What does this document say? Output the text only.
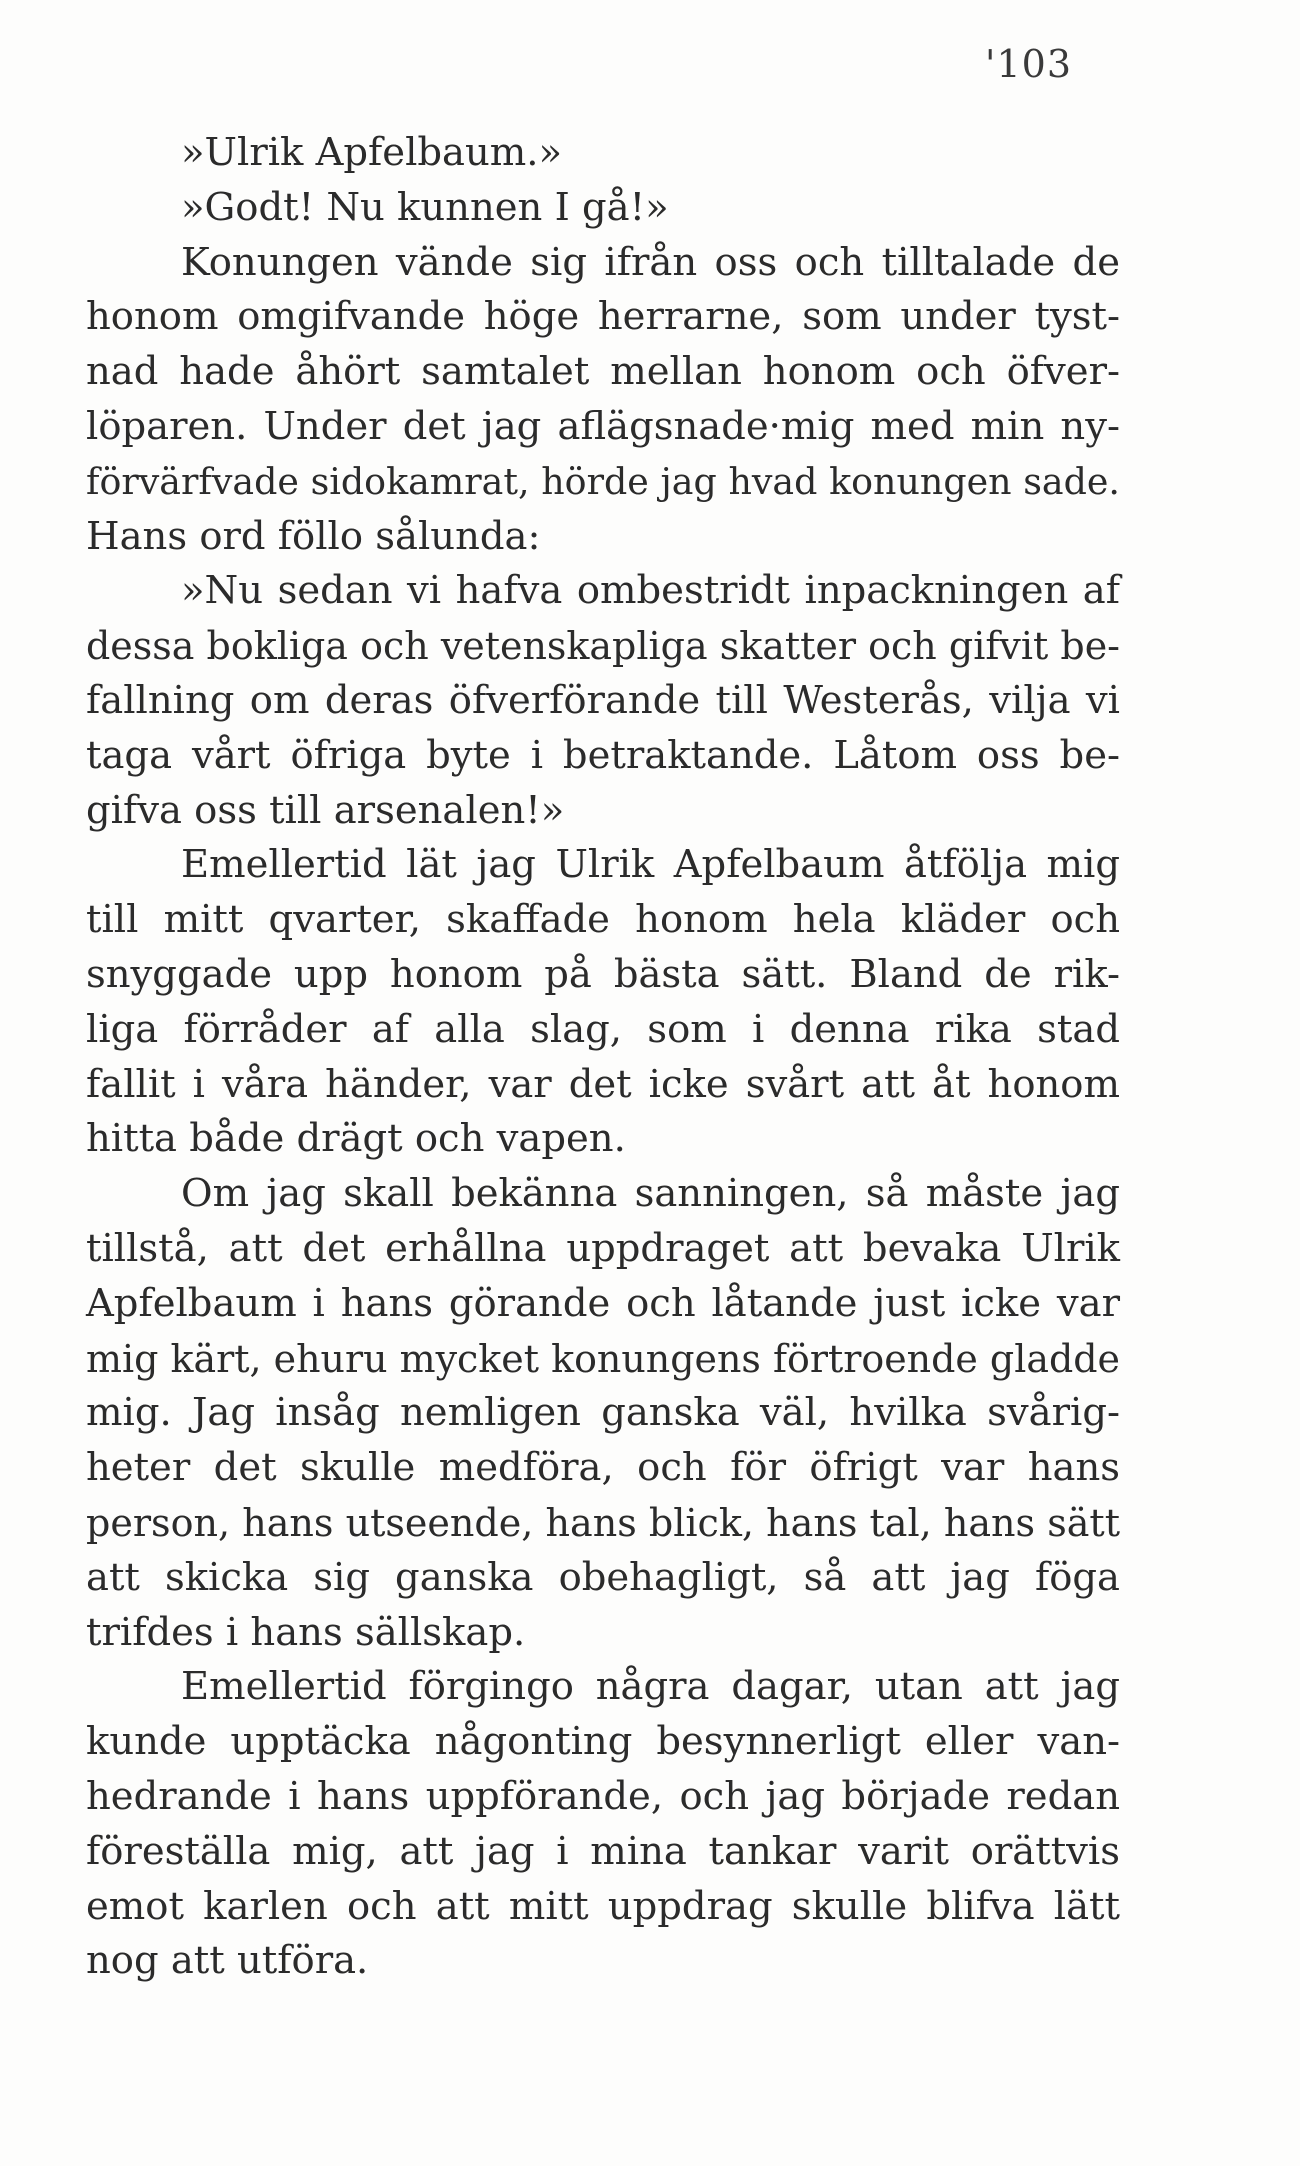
'103
»Ulrik Apfelbaum.»
»Godt! Nu kunnen I gå!»
Konungen vände sig ifrån oss och tilltalade de
honom omgifvande höge herrarne, som under tyst-
nad hade åhört samtalet mellan honom och öfver-
löparen. Under det jag aflägsnade·mig med min ny-
förvärfvade sidokamrat, hörde jag hvad konungen sade.
Hans ord föllo sålunda:
»Nu sedan vi hafva ombestridt inpackningen af
dessa bokliga och vetenskapliga skatter och gifvit be-
fallning om deras öfverförande till Westerås, vilja vi
taga vårt öfriga byte i betraktande. Låtom oss be-
gifva oss till arsenalen!»
Emellertid lät jag Ulrik Apfelbaum åtfölja mig
till mitt qvarter, skaffade honom hela kläder och
snyggade upp honom på bästa sätt. Bland de rik-
liga förråder af alla slag, som i denna rika stad
fallit i våra händer, var det icke svårt att åt honom
hitta både drägt och vapen.
Om jag skall bekänna sanningen, så måste jag
tillstå, att det erhållna uppdraget att bevaka Ulrik
Apfelbaum i hans görande och låtande just icke var
mig kärt, ehuru mycket konungens förtroende gladde
mig. Jag insåg nemligen ganska väl, hvilka svårig-
heter det skulle medföra, och för öfrigt var hans
person, hans utseende, hans blick, hans tal, hans sätt
att skicka sig ganska obehagligt, så att jag föga
trifdes i hans sällskap.
Emellertid förgingo några dagar, utan att jag
kunde upptäcka någonting besynnerligt eller van-
hedrande i hans uppförande, och jag började redan
föreställa mig, att jag i mina tankar varit orättvis
emot karlen och att mitt uppdrag skulle blifva lätt
nog att utföra.
